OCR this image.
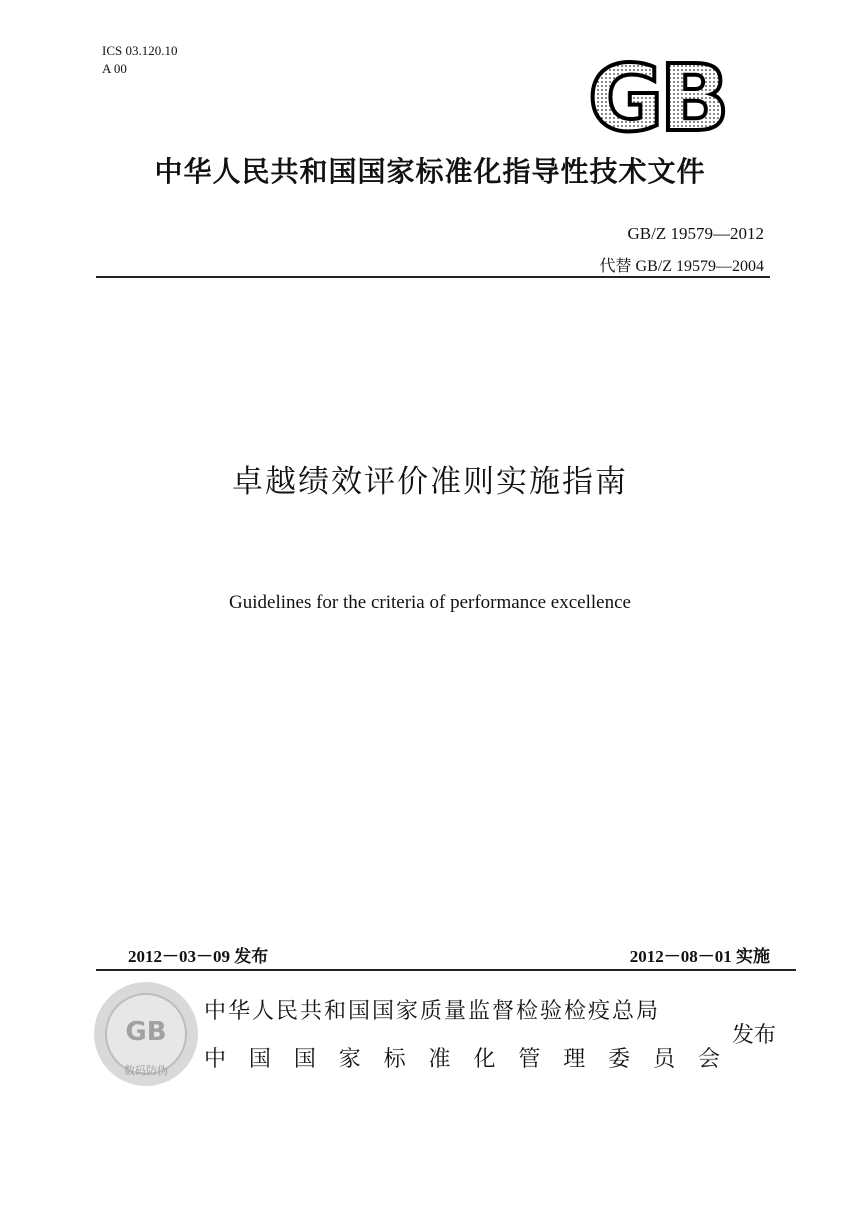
ICS 03.120.10
A 00	GB
中华人民共和国国家标准化指导性技术文件
GB/Z 19579—2012
代替 GB/Z 19579—2004
卓越绩效评价准则实施指南
Guidelines for the criteria of performance excellence
2012－03－09 发布	2012－08－01 实施
GB
数码防伪
中华人民共和国国家质量监督检验检疫总局
中 国 国 家 标 准 化 管 理 委 员 会
发布
